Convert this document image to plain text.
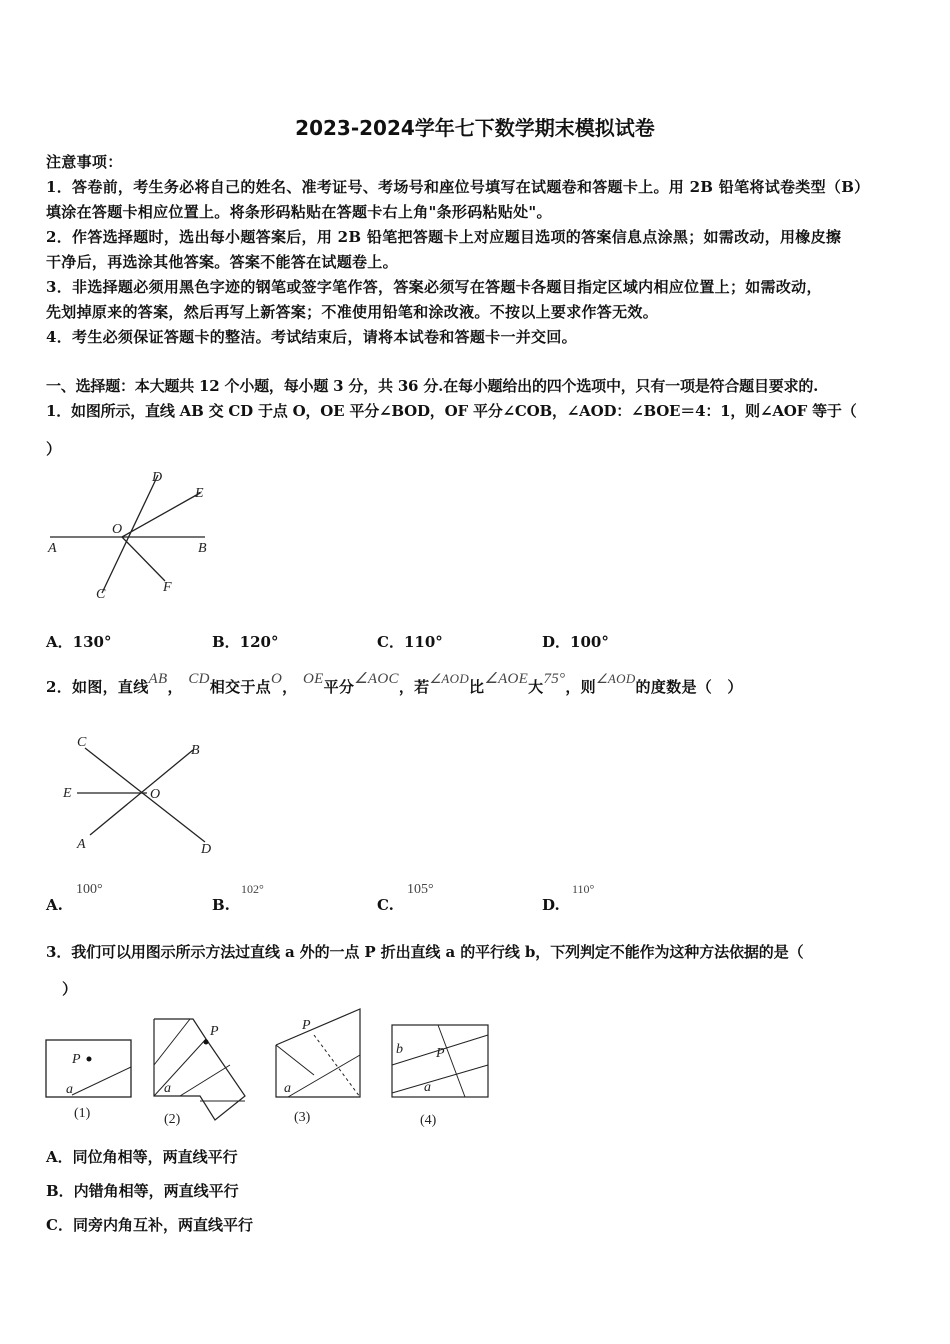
2023-2024学年七下数学期末模拟试卷
注意事项：
1．答卷前，考生务必将自己的姓名、准考证号、考场号和座位号填写在试题卷和答题卡上。用 2B 铅笔将试卷类型（B）
填涂在答题卡相应位置上。将条形码粘贴在答题卡右上角"条形码粘贴处"。
2．作答选择题时，选出每小题答案后，用 2B 铅笔把答题卡上对应题目选项的答案信息点涂黑；如需改动，用橡皮擦
干净后，再选涂其他答案。答案不能答在试题卷上。
3．非选择题必须用黑色字迹的钢笔或签字笔作答，答案必须写在答题卡各题目指定区域内相应位置上；如需改动，
先划掉原来的答案，然后再写上新答案；不准使用铅笔和涂改液。不按以上要求作答无效。
4．考生必须保证答题卡的整洁。考试结束后，请将本试卷和答题卡一并交回。
一、选择题：本大题共 12 个小题，每小题 3 分，共 36 分.在每小题给出的四个选项中，只有一项是符合题目要求的.
1．如图所示，直线 AB 交 CD 于点 O，OE 平分∠BOD，OF 平分∠COB，∠AOD：∠BOE＝4：1，则∠AOF 等于（
）
A	B
C
D
E
F
O
A．130°	B．120°	C．110°	D．100°
2．如图，直线AB， CD相交于点O， OE平分∠AOC，若∠AOD比∠AOE大75°，则∠AOD的度数是（　）
C
B
E	O
A	D
A.
100°
B.
102°
C.
105°
D.
110°
3．我们可以用图示所示方法过直线 a 外的一点 P 折出直线 a 的平行线 b，下列判定不能作为这种方法依据的是（
）
P
a
(1)
P
a
(2)
P
a
(3)
b P
a
(4)
A．同位角相等，两直线平行
B．内错角相等，两直线平行
C．同旁内角互补，两直线平行
